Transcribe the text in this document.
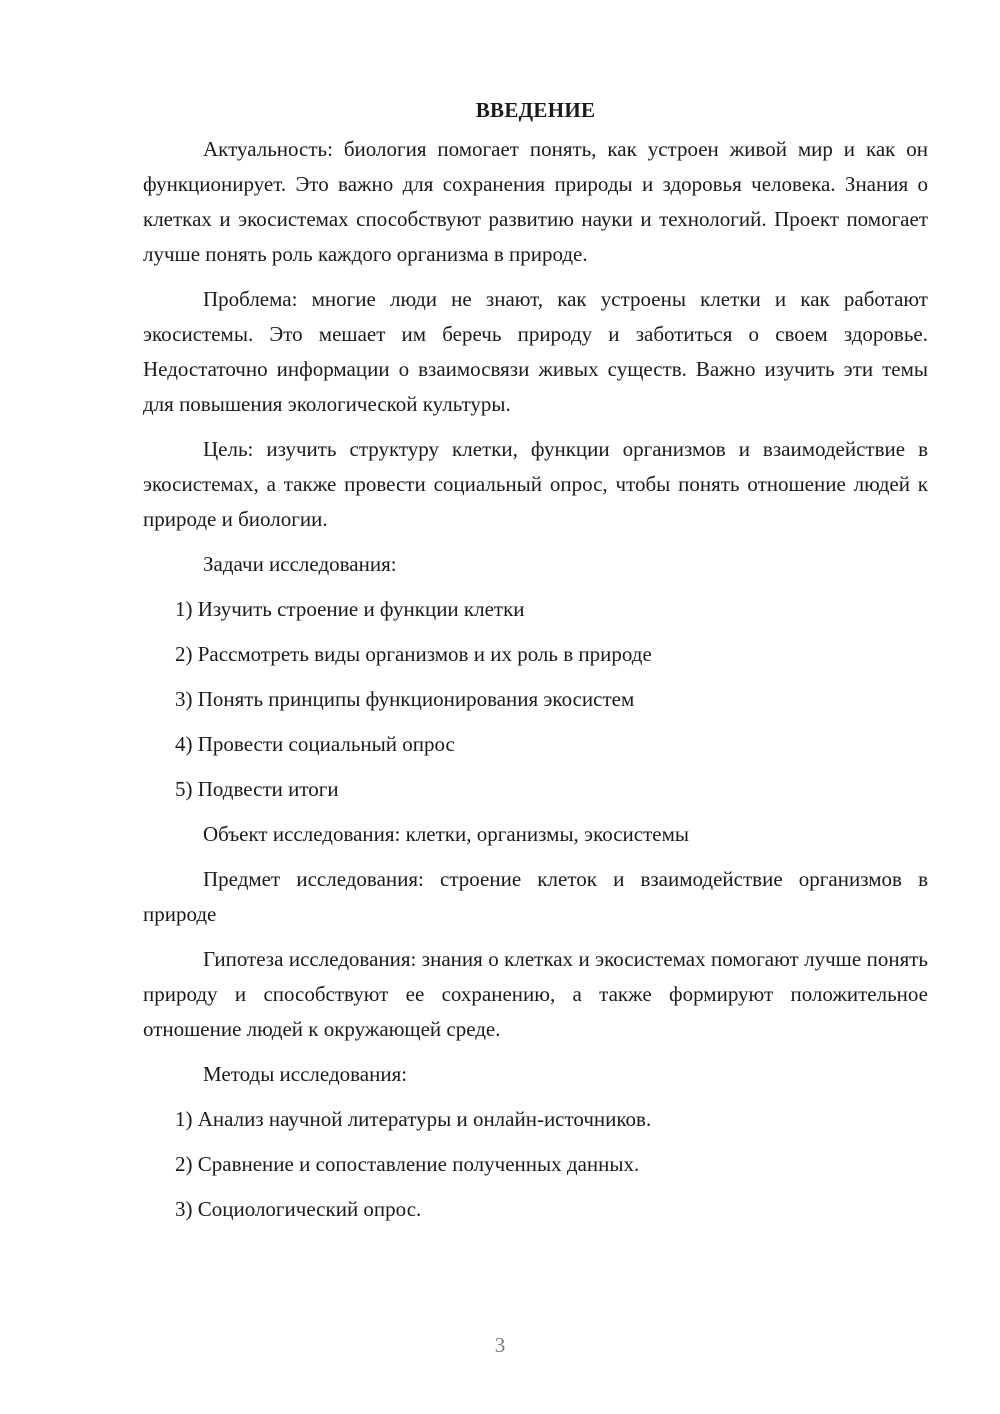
ВВЕДЕНИЕ

Актуальность: биология помогает понять, как устроен живой мир и как он функционирует. Это важно для сохранения природы и здоровья человека. Знания о клетках и экосистемах способствуют развитию науки и технологий. Проект помогает лучше понять роль каждого организма в природе.

Проблема: многие люди не знают, как устроены клетки и как работают экосистемы. Это мешает им беречь природу и заботиться о своем здоровье. Недостаточно информации о взаимосвязи живых существ. Важно изучить эти темы для повышения экологической культуры.

Цель: изучить структуру клетки, функции организмов и взаимодействие в экосистемах, а также провести социальный опрос, чтобы понять отношение людей к природе и биологии.

Задачи исследования:
1) Изучить строение и функции клетки
2) Рассмотреть виды организмов и их роль в природе
3) Понять принципы функционирования экосистем
4) Провести социальный опрос
5) Подвести итоги
Объект исследования: клетки, организмы, экосистемы

Предмет исследования: строение клеток и взаимодействие организмов в природе

Гипотеза исследования: знания о клетках и экосистемах помогают лучше понять природу и способствуют ее сохранению, а также формируют положительное отношение людей к окружающей среде.

Методы исследования:
1) Анализ научной литературы и онлайн-источников.
2) Сравнение и сопоставление полученных данных.
3) Социологический опрос.
3
